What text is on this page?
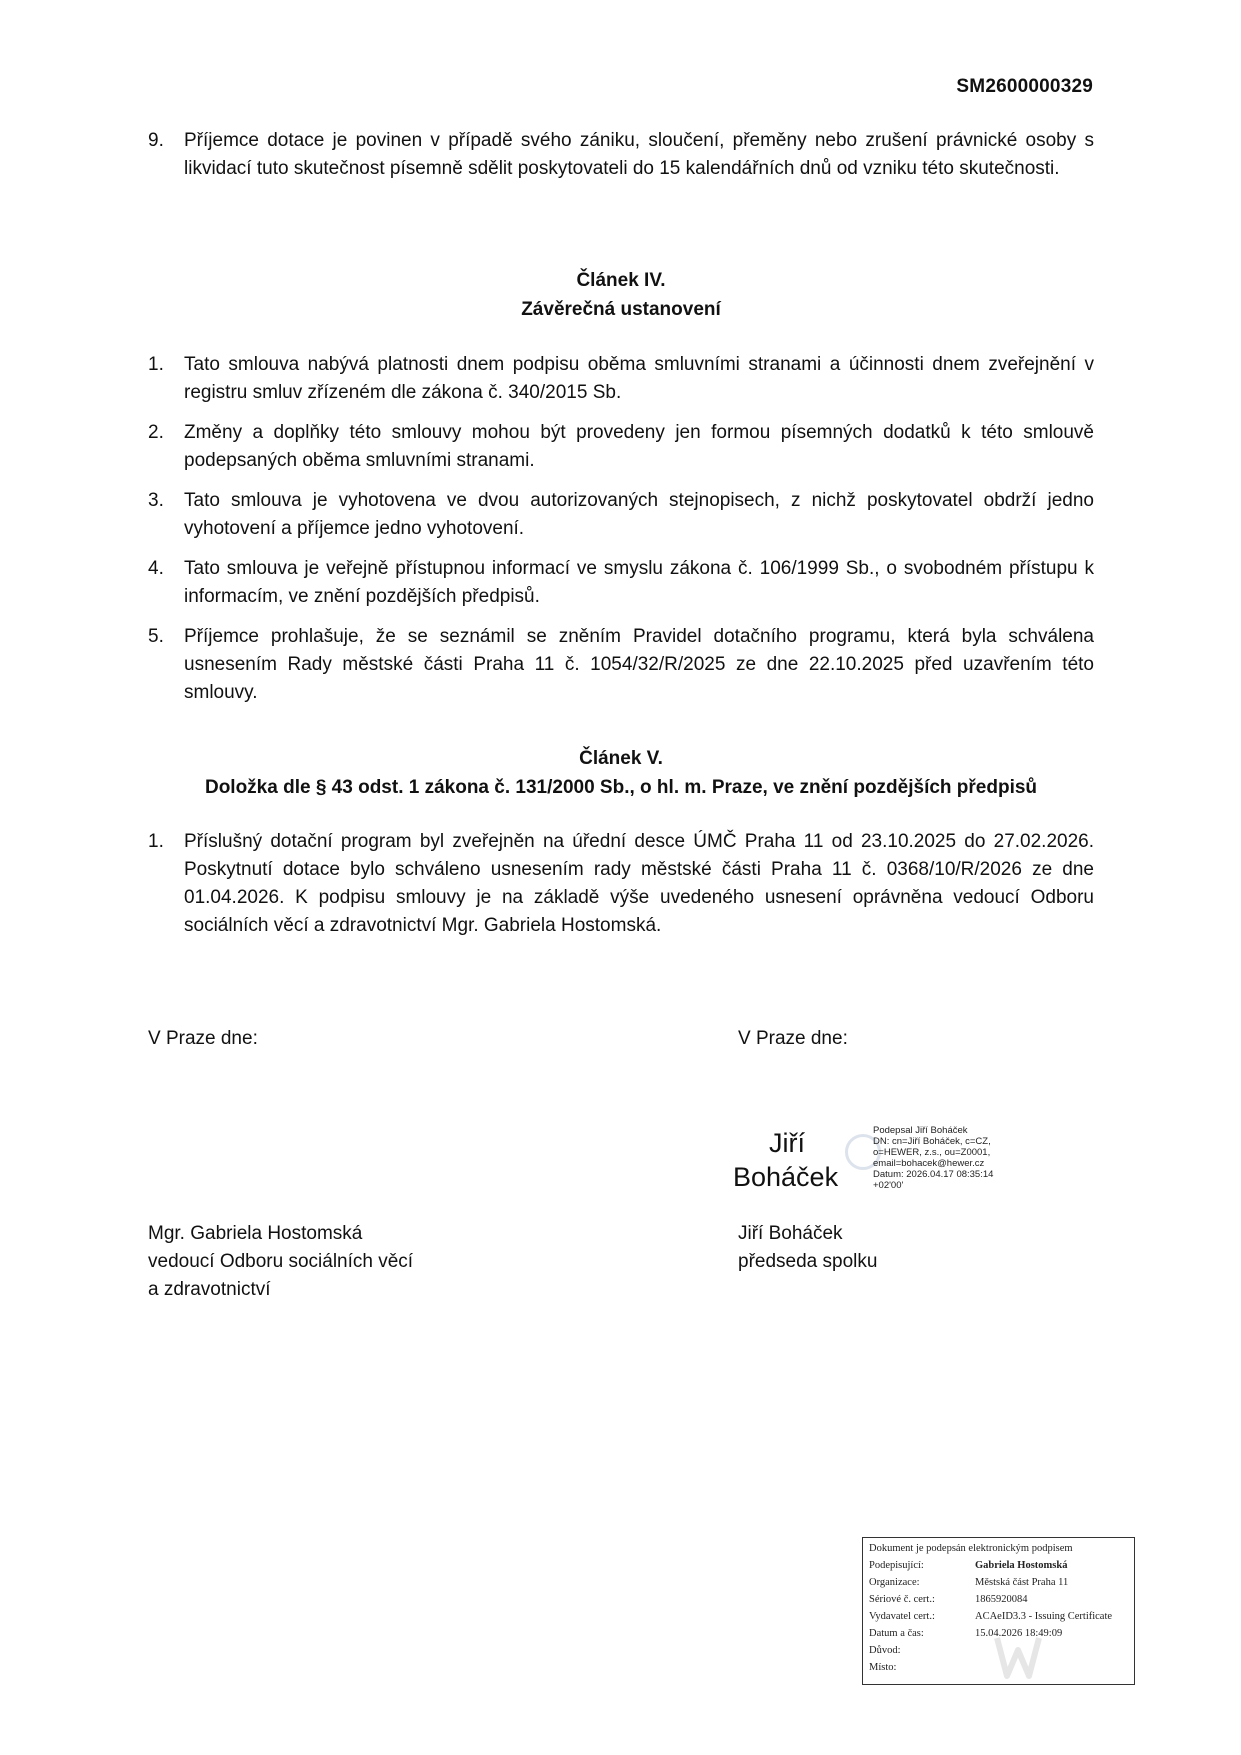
SM2600000329
9. Příjemce dotace je povinen v případě svého zániku, sloučení, přeměny nebo zrušení právnické osoby s likvidací tuto skutečnost písemně sdělit poskytovateli do 15 kalendářních dnů od vzniku této skutečnosti.
Článek IV.
Závěrečná ustanovení
1. Tato smlouva nabývá platnosti dnem podpisu oběma smluvními stranami a účinnosti dnem zveřejnění v registru smluv zřízeném dle zákona č. 340/2015 Sb.
2. Změny a doplňky této smlouvy mohou být provedeny jen formou písemných dodatků k této smlouvě podepsaných oběma smluvními stranami.
3. Tato smlouva je vyhotovena ve dvou autorizovaných stejnopisech, z nichž poskytovatel obdrží jedno vyhotovení a příjemce jedno vyhotovení.
4. Tato smlouva je veřejně přístupnou informací ve smyslu zákona č. 106/1999 Sb., o svobodném přístupu k informacím, ve znění pozdějších předpisů.
5. Příjemce prohlašuje, že se seznámil se zněním Pravidel dotačního programu, která byla schválena usnesením Rady městské části Praha 11 č. 1054/32/R/2025 ze dne 22.10.2025 před uzavřením této smlouvy.
Článek V.
Doložka dle § 43 odst. 1 zákona č. 131/2000 Sb., o hl. m. Praze, ve znění pozdějších předpisů
1. Příslušný dotační program byl zveřejněn na úřední desce ÚMČ Praha 11 od 23.10.2025 do 27.02.2026. Poskytnutí dotace bylo schváleno usnesením rady městské části Praha 11 č. 0368/10/R/2026 ze dne 01.04.2026. K podpisu smlouvy je na základě výše uvedeného usnesení oprávněna vedoucí Odboru sociálních věcí a zdravotnictví Mgr. Gabriela Hostomská.
V Praze dne:	V Praze dne:
Jiří
Boháček
Podepsal Jiří Boháček
DN: cn=Jiří Boháček, c=CZ,
o=HEWER, z.s., ou=Z0001,
email=bohacek@hewer.cz
Datum: 2026.04.17 08:35:14
+02'00'
Mgr. Gabriela Hostomská
vedoucí Odboru sociálních věcí
a zdravotnictví
Jiří Boháček
předseda spolku
Dokument je podepsán elektronickým podpisem
Podepisující:	Gabriela Hostomská
Organizace:	Městská část Praha 11
Sériové č. cert.:	1865920084
Vydavatel cert.:	ACAeID3.3 - Issuing Certificate
Datum a čas:	15.04.2026 18:49:09
Důvod:
Místo:
